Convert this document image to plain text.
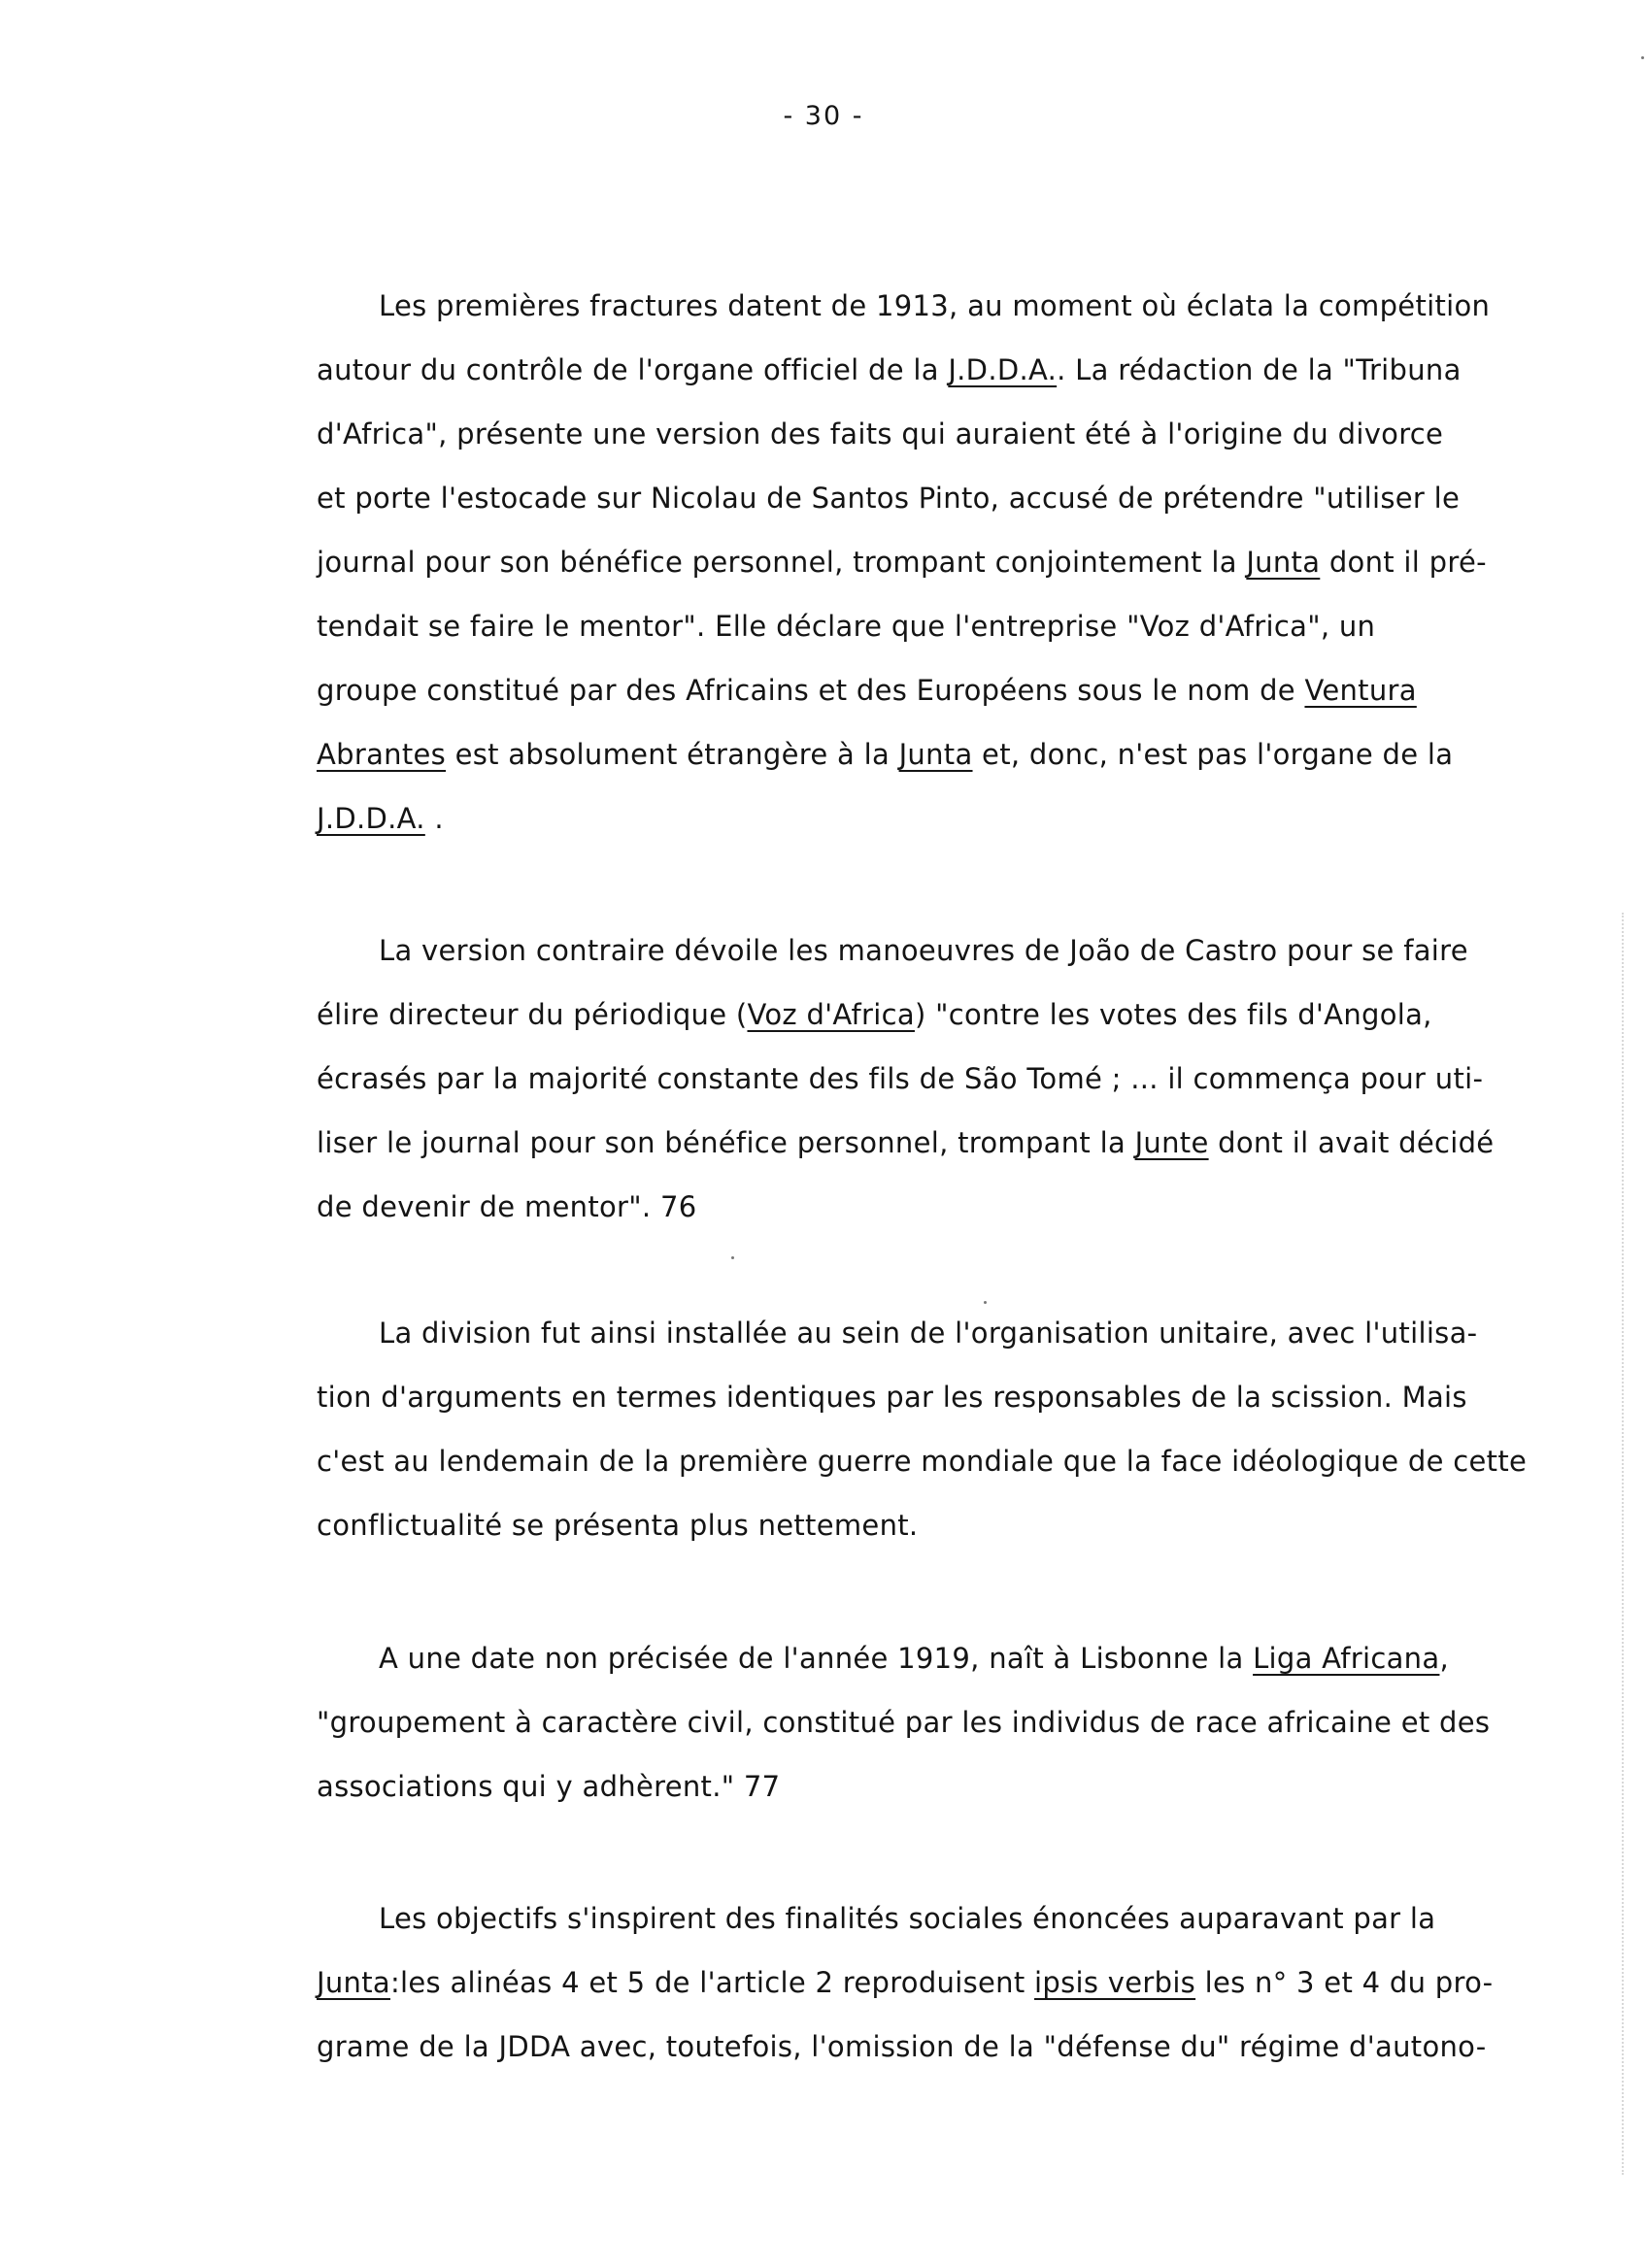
- 30 -
Les premières fractures datent de 1913, au moment où éclata la compétition
autour du contrôle de l'organe officiel de la J.D.D.A.. La rédaction de la "Tribuna
d'Africa", présente une version des faits qui auraient été à l'origine du divorce
et porte l'estocade sur Nicolau de Santos Pinto, accusé de prétendre "utiliser le
journal pour son bénéfice personnel, trompant conjointement la Junta dont il pré-
tendait se faire le mentor". Elle déclare que l'entreprise "Voz d'Africa", un
groupe constitué par des Africains et des Européens sous le nom de Ventura
Abrantes est absolument étrangère à la Junta et, donc, n'est pas l'organe de la
J.D.D.A. .
La version contraire dévoile les manoeuvres de João de Castro pour se faire
élire directeur du périodique (Voz d'Africa) "contre les votes des fils d'Angola,
écrasés par la majorité constante des fils de São Tomé ; ... il commença pour uti-
liser le journal pour son bénéfice personnel, trompant la Junte dont il avait décidé
de devenir de mentor". 76
La division fut ainsi installée au sein de l'organisation unitaire, avec l'utilisa-
tion d'arguments en termes identiques par les responsables de la scission. Mais
c'est au lendemain de la première guerre mondiale que la face idéologique de cette
conflictualité se présenta plus nettement.
A une date non précisée de l'année 1919, naît à Lisbonne la Liga Africana,
"groupement à caractère civil, constitué par les individus de race africaine et des
associations qui y adhèrent." 77
Les objectifs s'inspirent des finalités sociales énoncées auparavant par la
Junta:les alinéas 4 et 5 de l'article 2 reproduisent ipsis verbis les n° 3 et 4 du pro-
grame de la JDDA avec, toutefois, l'omission de la "défense du" régime d'autono-
